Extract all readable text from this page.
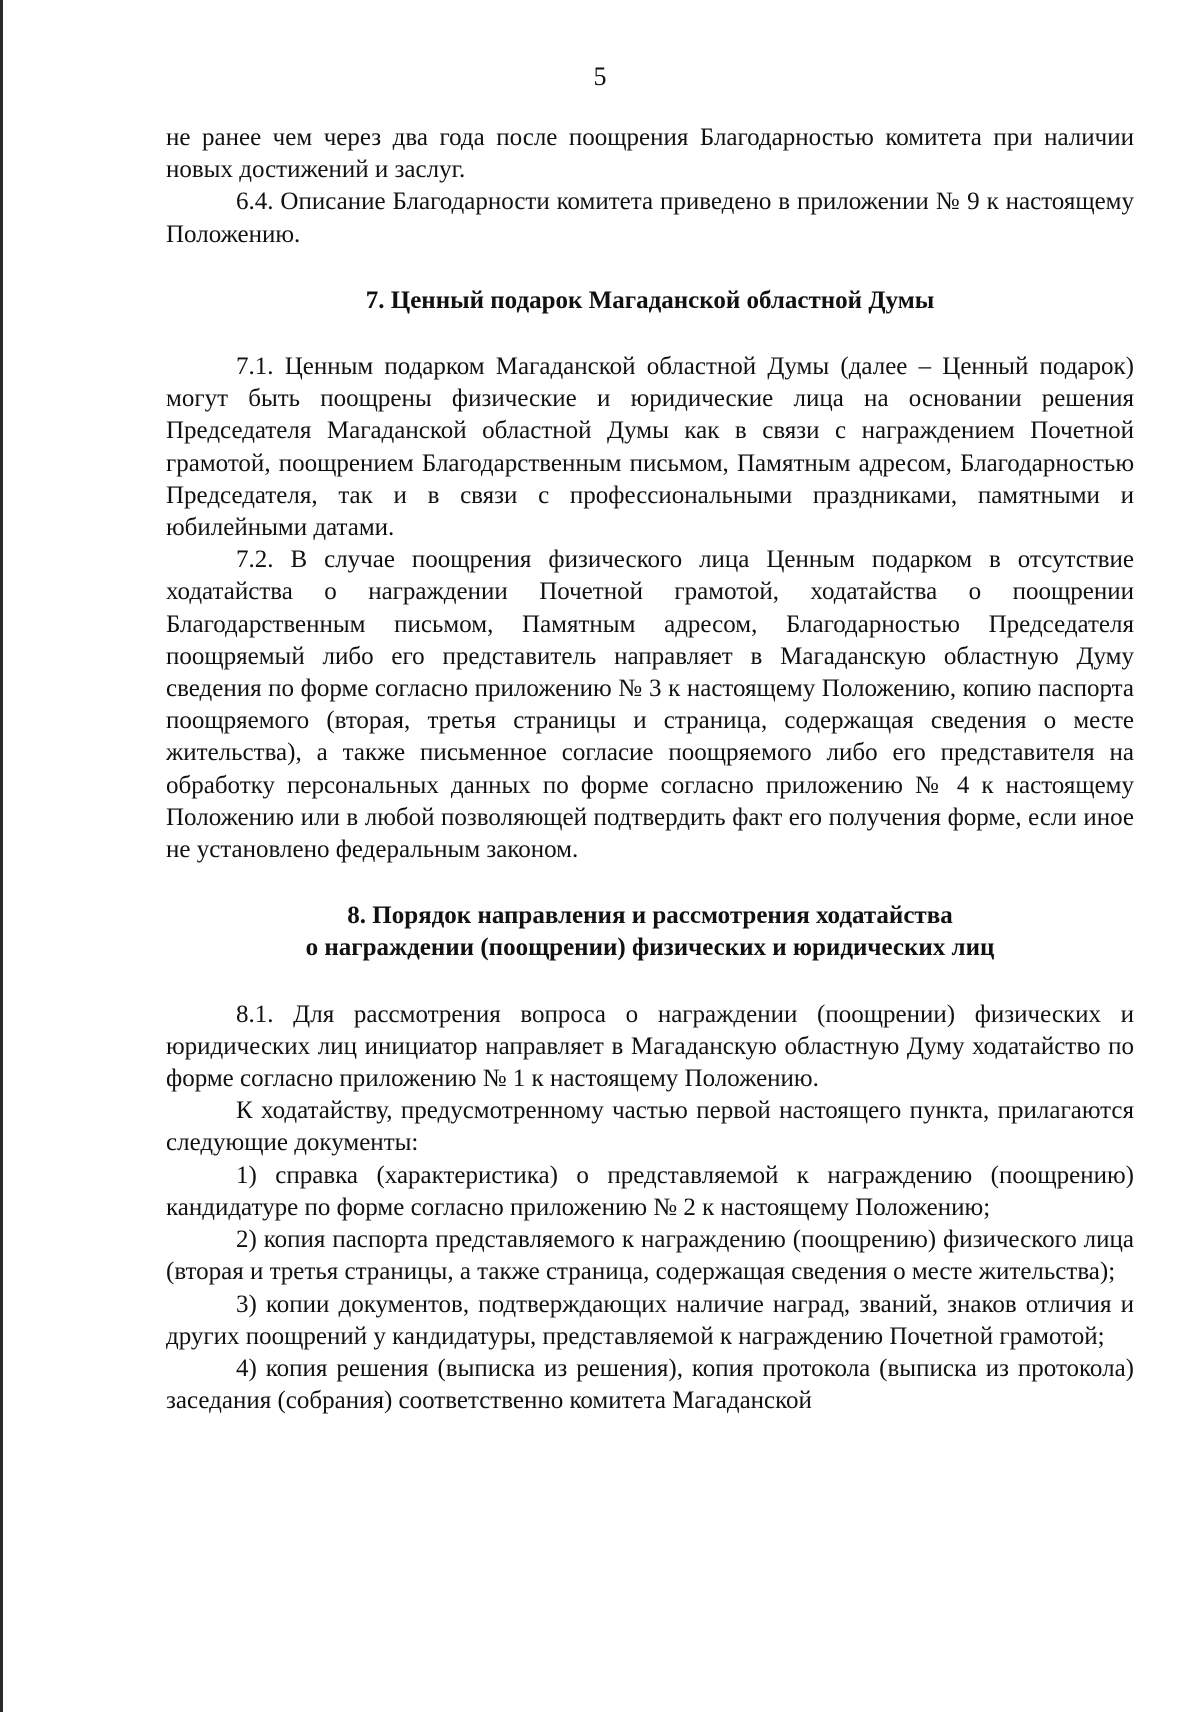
5

не ранее чем через два года после поощрения Благодарностью комитета при наличии новых достижений и заслуг.

6.4. Описание Благодарности комитета приведено в приложении № 9 к настоящему Положению.

7. Ценный подарок Магаданской областной Думы

7.1. Ценным подарком Магаданской областной Думы (далее – Ценный подарок) могут быть поощрены физические и юридические лица на основании решения Председателя Магаданской областной Думы как в связи с награждением Почетной грамотой, поощрением Благодарственным письмом, Памятным адресом, Благодарностью Председателя, так и в связи с профессиональными праздниками, памятными и юбилейными датами.

7.2. В случае поощрения физического лица Ценным подарком в отсутствие ходатайства о награждении Почетной грамотой, ходатайства о поощрении Благодарственным письмом, Памятным адресом, Благодарностью Председателя поощряемый либо его представитель направляет в Магаданскую областную Думу сведения по форме согласно приложению № 3 к настоящему Положению, копию паспорта поощряемого (вторая, третья страницы и страница, содержащая сведения о месте жительства), а также письменное согласие поощряемого либо его представителя на обработку персональных данных по форме согласно приложению № 4 к настоящему Положению или в любой позволяющей подтвердить факт его получения форме, если иное не установлено федеральным законом.

8. Порядок направления и рассмотрения ходатайства
о награждении (поощрении) физических и юридических лиц

8.1. Для рассмотрения вопроса о награждении (поощрении) физических и юридических лиц инициатор направляет в Магаданскую областную Думу ходатайство по форме согласно приложению № 1 к настоящему Положению.

К ходатайству, предусмотренному частью первой настоящего пункта, прилагаются следующие документы:

1) справка (характеристика) о представляемой к награждению (поощрению) кандидатуре по форме согласно приложению № 2 к настоящему Положению;

2) копия паспорта представляемого к награждению (поощрению) физического лица (вторая и третья страницы, а также страница, содержащая сведения о месте жительства);

3) копии документов, подтверждающих наличие наград, званий, знаков отличия и других поощрений у кандидатуры, представляемой к награждению Почетной грамотой;

4) копия решения (выписка из решения), копия протокола (выписка из протокола) заседания (собрания) соответственно комитета Магаданской
